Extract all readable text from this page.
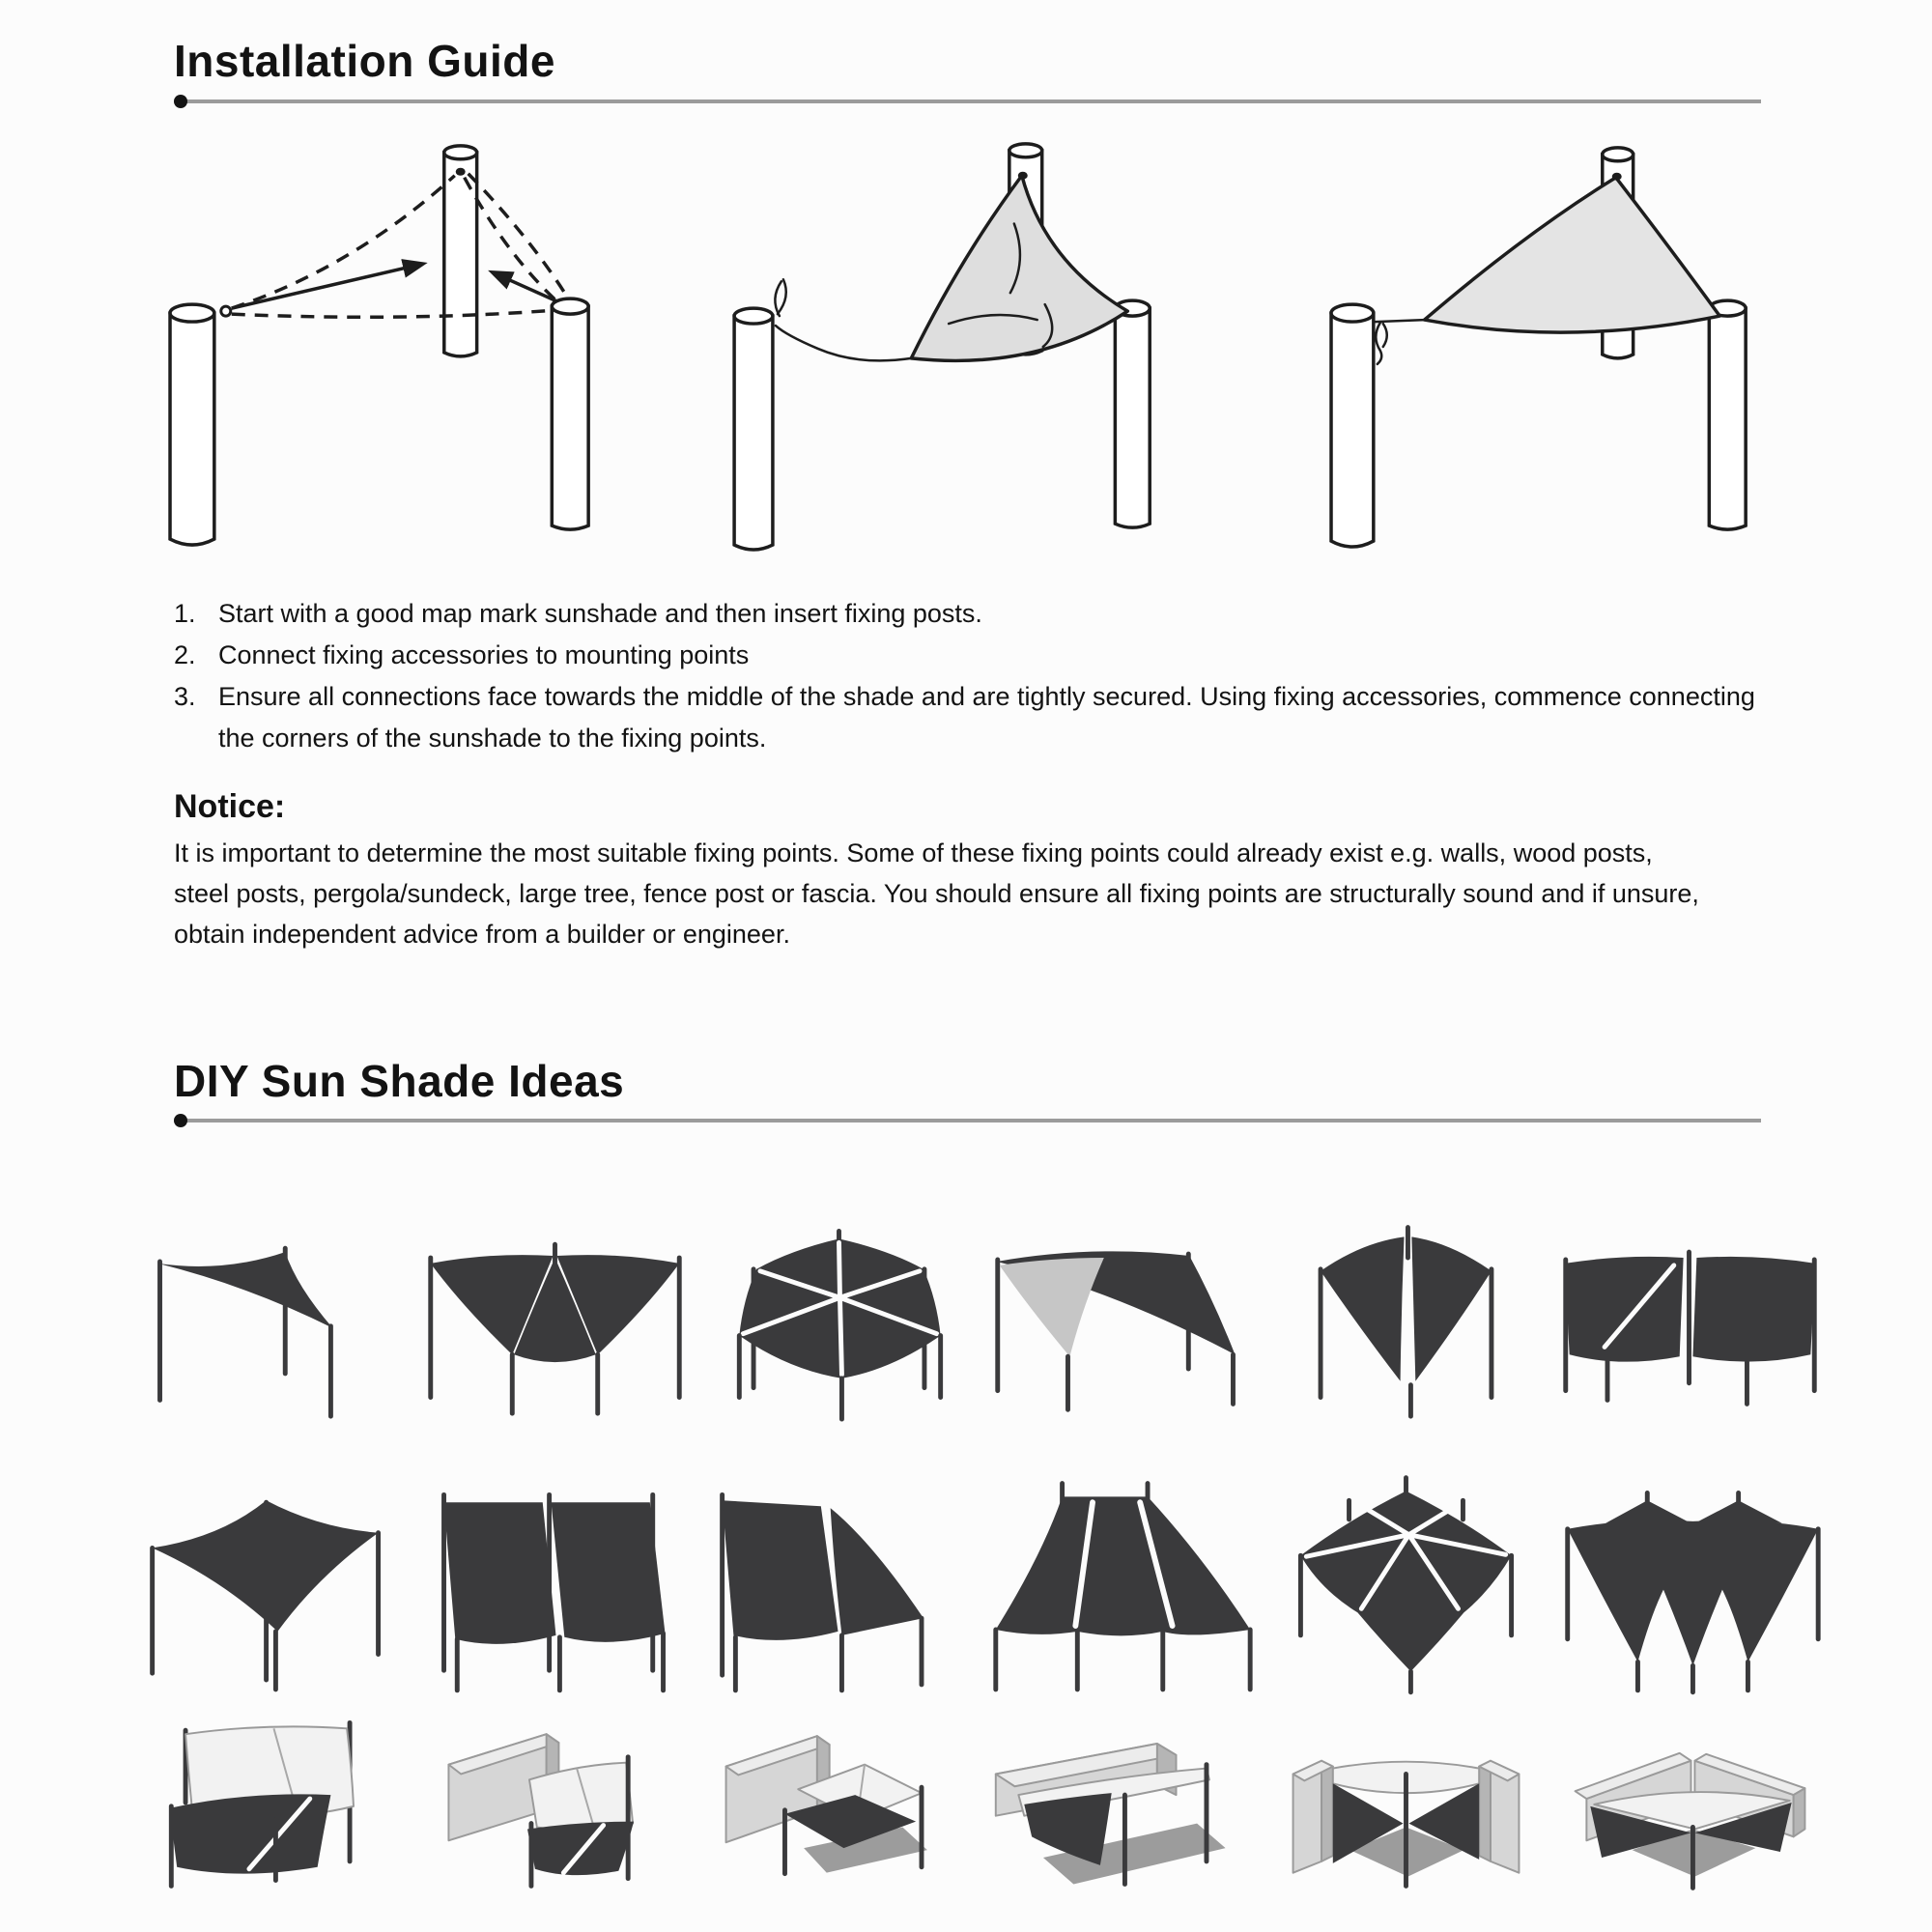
Installation Guide
1. Start with a good map mark sunshade and then insert fixing posts.
2. Connect fixing accessories to mounting points
3. Ensure all connections face towards the middle of the shade and are tightly secured. Using fixing accessories, commence connecting
the corners of the sunshade to the fixing points.
Notice:
It is important to determine the most suitable fixing points. Some of these fixing points could already exist e.g. walls, wood posts,
steel posts, pergola/sundeck, large tree, fence post or fascia. You should ensure all fixing points are structurally sound and if unsure,
obtain independent advice from a builder or engineer.
DIY Sun Shade Ideas
